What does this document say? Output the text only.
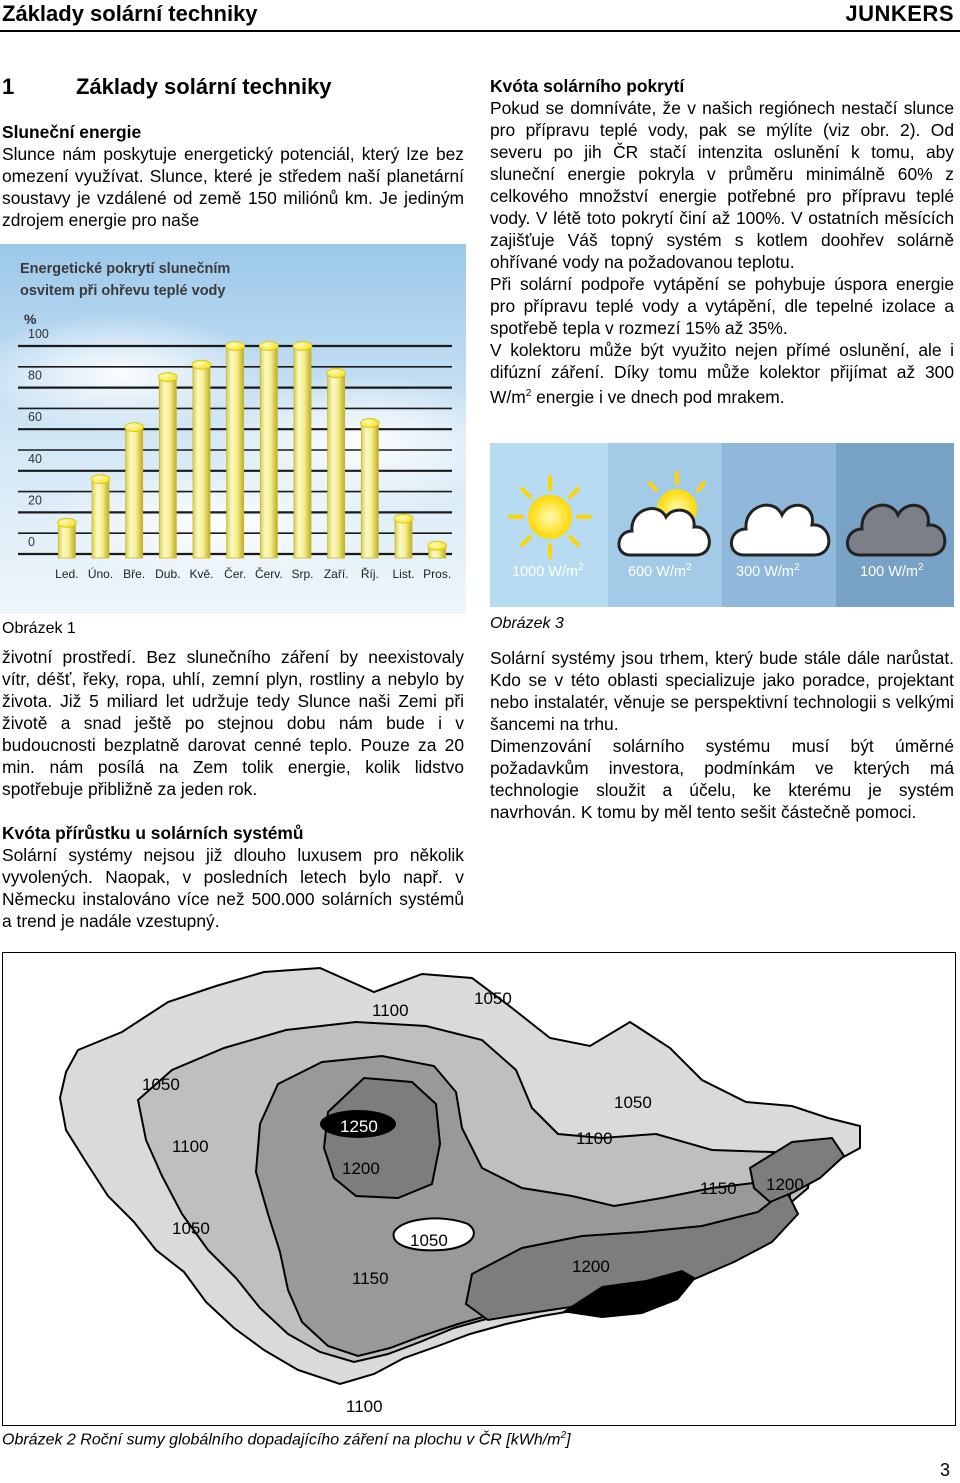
Základy solární techniky	JUNKERS
1	Základy solární techniky

Sluneční energie

Slunce nám poskytuje energetický potenciál, který lze bez omezení využívat. Slunce, které je středem naší planetární soustavy je vzdálené od země 150 miliónů km. Je jediným zdrojem energie pro naše

Energetické pokrytí slunečním
osvitem při ohřevu teplé vody
%
0
20
40
60
80
100
Led. Úno. Bře. Dub. Kvě. Čer. Červ. Srp. Zaří. Říj. List. Pros.
Obrázek 1

životní prostředí. Bez slunečního záření by neexistovaly vítr, déšť, řeky, ropa, uhlí, zemní plyn, rostliny a nebylo by života. Již 5 miliard let udržuje tedy Slunce naši Zemi při životě a snad ještě po stejnou dobu nám bude i v budoucnosti bezplatně darovat cenné teplo. Pouze za 20 min. nám posílá na Zem tolik energie, kolik lidstvo spotřebuje přibližně za jeden rok.

Kvóta přírůstku u solárních systémů

Solární systémy nejsou již dlouho luxusem pro několik vyvolených. Naopak, v posledních letech bylo např. v Německu instalováno více než 500.000 solárních systémů a trend je nadále vzestupný.

Kvóta solárního pokrytí

Pokud se domníváte, že v našich regiónech nestačí slunce pro přípravu teplé vody, pak se mýlíte (viz obr. 2). Od severu po jih ČR stačí intenzita oslunění k tomu, aby sluneční energie pokryla v průměru minimálně 60% z celkového množství energie potřebné pro přípravu teplé vody. V létě toto pokrytí činí až 100%. V ostatních měsících zajišťuje Váš topný systém s kotlem doohřev solárně ohřívané vody na požadovanou teplotu.

Při solární podpoře vytápění se pohybuje úspora energie pro přípravu teplé vody a vytápění, dle tepelné izolace a spotřebě tepla v rozmezí 15% až 35%.

V kolektoru může být využito nejen přímé oslunění, ale i difúzní záření. Díky tomu může kolektor přijímat až 300 $W/m^2$ energie i ve dnech pod mrakem.

1000 $W/m^2$	600 $W/m^2$	300 $W/m^2$	100 $W/m^2$
Obrázek 3

Solární systémy jsou trhem, který bude stále dále narůstat. Kdo se v této oblasti specializuje jako poradce, projektant nebo instalatér, věnuje se perspektivní technologii s velkými šancemi na trhu.

Dimenzování solárního systému musí být úměrné požadavkům investora, podmínkám ve kterých má technologie sloužit a účelu, ke kterému je systém navrhován. K tomu by měl tento sešit částečně pomoci.

1100
1050
1050
1100
1250
1200
1050
1100
1150 1200
1050
1050
1150
1200
1250
1100
Obrázek 2 Roční sumy globálního dopadajícího záření na plochu v ČR $[kWh/m^2]$
3
